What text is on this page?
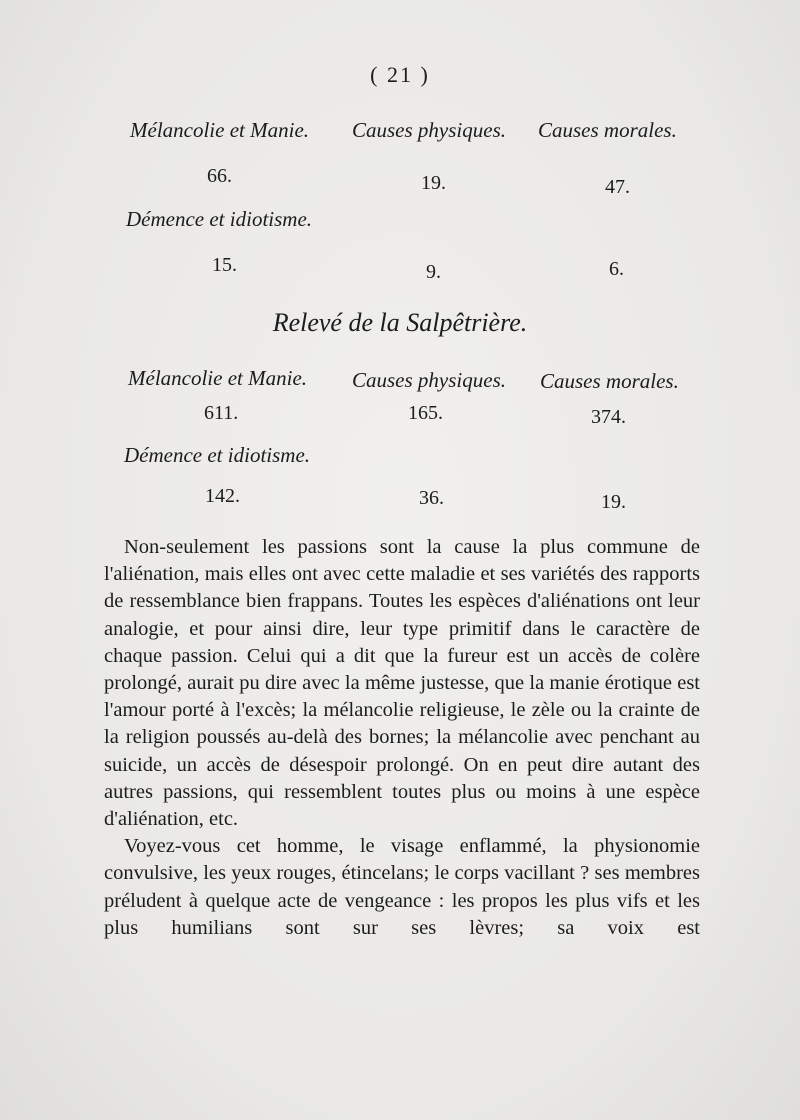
( 21 )
Mélancolie et Manie. Causes physiques. Causes morales.
66.	19.	47.
Démence et idiotisme.
15.	9.	6.
Relevé de la Salpêtrière.
Mélancolie et Manie. Causes physiques. Causes morales.
611.	165.	374.
Démence et idiotisme.
142.	36.	19.

Non-seulement les passions sont la cause la plus commune de l'aliénation, mais elles ont avec cette maladie et ses variétés des rapports de ressemblance bien frappans. Toutes les espèces d'aliénations ont leur analogie, et pour ainsi dire, leur type primitif dans le caractère de chaque passion. Celui qui a dit que la fureur est un accès de colère prolongé, aurait pu dire avec la même justesse, que la manie érotique est l'amour porté à l'excès; la mélancolie religieuse, le zèle ou la crainte de la religion poussés au-delà des bornes; la mélancolie avec penchant au suicide, un accès de désespoir prolongé. On en peut dire autant des autres passions, qui ressemblent toutes plus ou moins à une espèce d'aliénation, etc.

Voyez-vous cet homme, le visage enflammé, la physionomie convulsive, les yeux rouges, étincelans; le corps vacillant ? ses membres préludent à quelque acte de vengeance : les propos les plus vifs et les plus humilians sont sur ses lèvres; sa voix est
